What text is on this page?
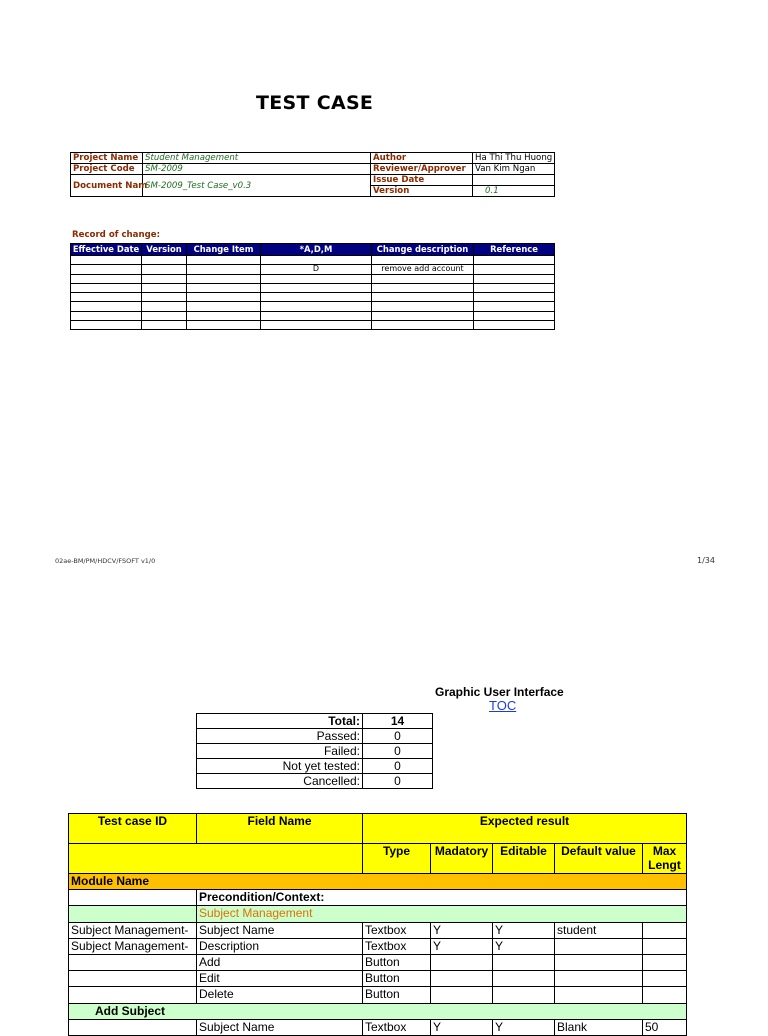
TEST CASE
Project Name	Student Management	Author	Ha Thi Thu Huong
Project Code	SM-2009	Reviewer/Approver	Van Kim Ngan
Document Nam	SM-2009_Test Case_v0.3	Issue Date	
		Version	0.1
Record of change:
Effective Date	Version	Change Item	*A,D,M	Change description	Reference

			D	remove add account	

02ae-BM/PM/HDCV/FSOFT v1/0	1/34
Graphic User Interface
TOC
Total:	14
Passed:	0
Failed:	0
Not yet tested:	0
Cancelled:	0
Test case ID	Field Name	Expected result				
		Type	Madatory	Editable	Default value	Max Lengt
Module Name						
	Precondition/Context:					
	Subject Management					
Subject Management-	Subject Name	Textbox	Y	Y	student	
Subject Management-	Description	Textbox	Y	Y		
	Add	Button				
	Edit	Button				
	Delete	Button				
Add Subject						
	Subject Name	Textbox	Y	Y	Blank	50
